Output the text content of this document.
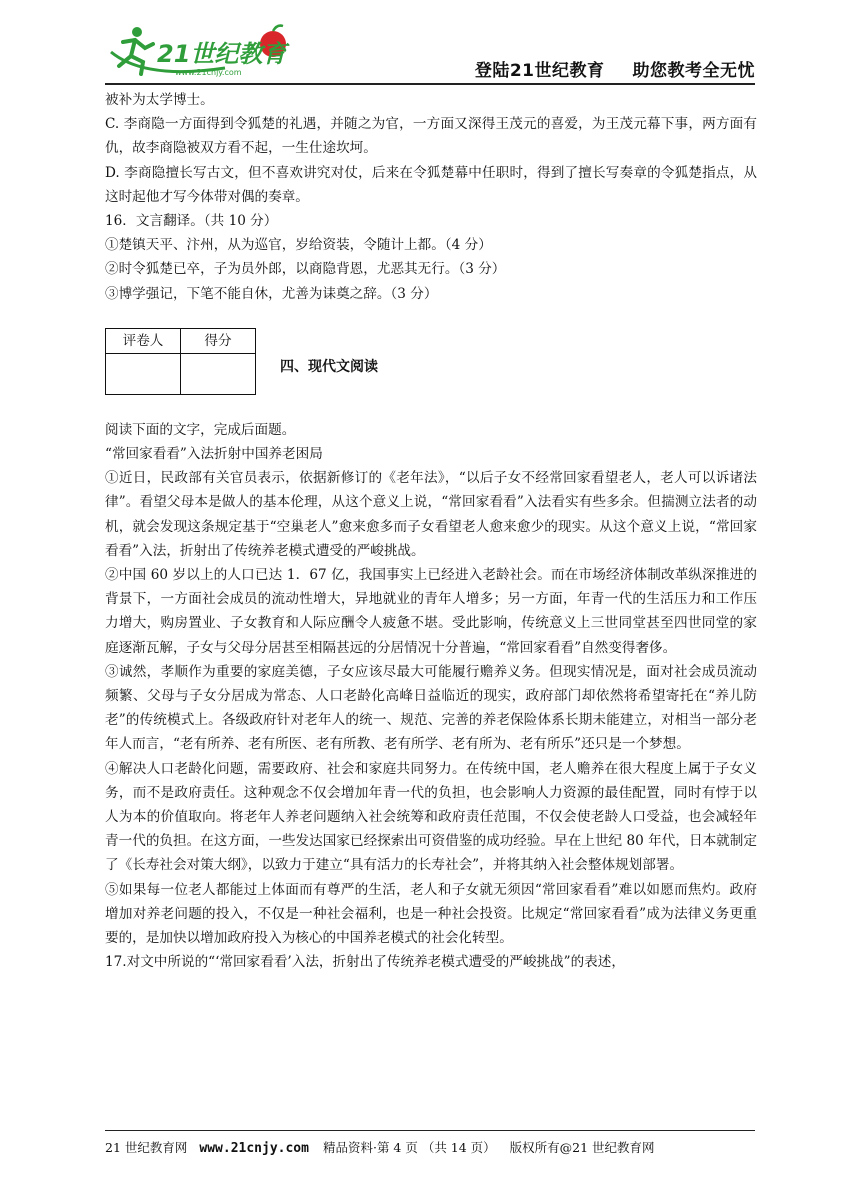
21世纪教育
www.21cnjy.com	登陆21世纪教育 助您教考全无忧

被补为太学博士。

C. 李商隐一方面得到令狐楚的礼遇，并随之为官，一方面又深得王茂元的喜爱，为王茂元幕下事，两方面有仇，故李商隐被双方看不起，一生仕途坎坷。

D. 李商隐擅长写古文，但不喜欢讲究对仗，后来在令狐楚幕中任职时，得到了擅长写奏章的令狐楚指点，从这时起他才写今体带对偶的奏章。

16．文言翻译。（共 10 分）

①楚镇天平、汴州，从为巡官，岁给资装，令随计上都。（4 分）

②时令狐楚已卒，子为员外郎，以商隐背恩，尤恶其无行。（3 分）

③博学强记，下笔不能自休，尤善为诔奠之辞。（3 分）

评卷人	得分

四、现代文阅读

阅读下面的文字，完成后面题。

“常回家看看”入法折射中国养老困局

①近日，民政部有关官员表示，依据新修订的《老年法》，“以后子女不经常回家看望老人，老人可以诉诸法律”。看望父母本是做人的基本伦理，从这个意义上说，“常回家看看”入法看实有些多余。但揣测立法者的动机，就会发现这条规定基于“空巢老人”愈来愈多而子女看望老人愈来愈少的现实。从这个意义上说，“常回家看看”入法，折射出了传统养老模式遭受的严峻挑战。

②中国 60 岁以上的人口已达 1．67 亿，我国事实上已经进入老龄社会。而在市场经济体制改革纵深推进的背景下，一方面社会成员的流动性增大，异地就业的青年人增多；另一方面，年青一代的生活压力和工作压力增大，购房置业、子女教育和人际应酬令人疲惫不堪。受此影响，传统意义上三世同堂甚至四世同堂的家庭逐渐瓦解，子女与父母分居甚至相隔甚远的分居情况十分普遍，“常回家看看”自然变得奢侈。

③诚然，孝顺作为重要的家庭美德，子女应该尽最大可能履行赡养义务。但现实情况是，面对社会成员流动频繁、父母与子女分居成为常态、人口老龄化高峰日益临近的现实，政府部门却依然将希望寄托在“养儿防老”的传统模式上。各级政府针对老年人的统一、规范、完善的养老保险体系长期未能建立，对相当一部分老年人而言，“老有所养、老有所医、老有所教、老有所学、老有所为、老有所乐”还只是一个梦想。

④解决人口老龄化问题，需要政府、社会和家庭共同努力。在传统中国，老人赡养在很大程度上属于子女义务，而不是政府责任。这种观念不仅会增加年青一代的负担，也会影响人力资源的最佳配置，同时有悖于以人为本的价值取向。将老年人养老问题纳入社会统筹和政府责任范围，不仅会使老龄人口受益，也会减轻年青一代的负担。在这方面，一些发达国家已经探索出可资借鉴的成功经验。早在上世纪 80 年代，日本就制定了《长寿社会对策大纲》，以致力于建立“具有活力的长寿社会”，并将其纳入社会整体规划部署。

⑤如果每一位老人都能过上体面而有尊严的生活，老人和子女就无须因“常回家看看”难以如愿而焦灼。政府增加对养老问题的投入，不仅是一种社会福利，也是一种社会投资。比规定“常回家看看”成为法律义务更重要的，是加快以增加政府投入为核心的中国养老模式的社会化转型。

17.对文中所说的“‘常回家看看’入法，折射出了传统养老模式遭受的严峻挑战”的表述，

21 世纪教育网 www.21cnjy.com 精品资料·第 4 页 （共 14 页） 版权所有@21 世纪教育网
